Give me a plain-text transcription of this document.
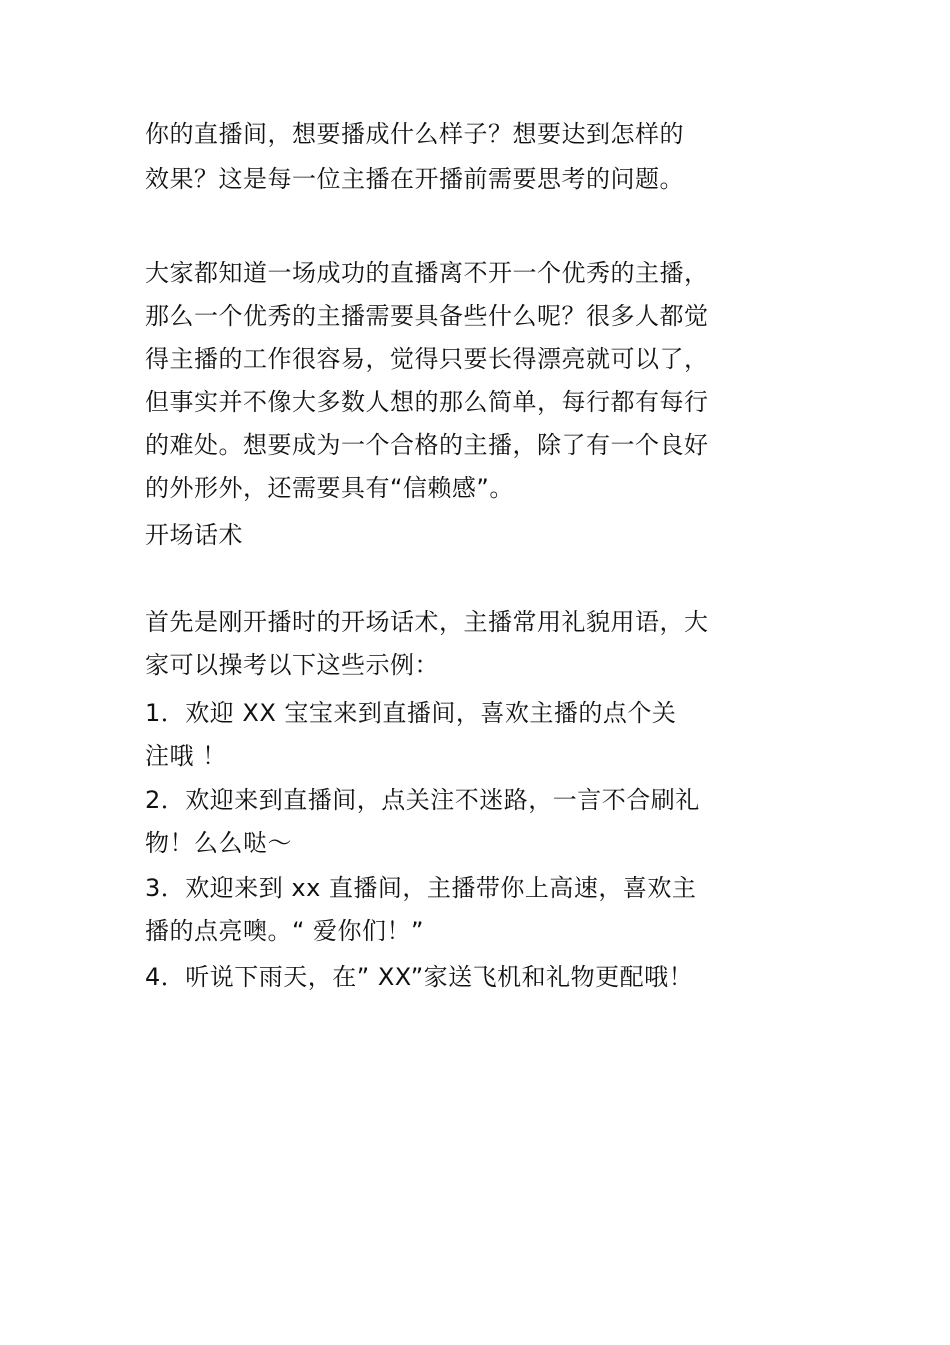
你的直播间，想要播成什么样子？想要达到怎样的
效果？这是每一位主播在开播前需要思考的问题。
大家都知道一场成功的直播离不开一个优秀的主播，
那么一个优秀的主播需要具备些什么呢？很多人都觉
得主播的工作很容易，觉得只要长得漂亮就可以了，
但事实并不像大多数人想的那么简单，每行都有每行
的难处。想要成为一个合格的主播，除了有一个良好
的外形外，还需要具有“信赖感”。
开场话术
首先是刚开播时的开场话术，主播常用礼貌用语，大
家可以操考以下这些示例：
1．欢迎 XX 宝宝来到直播间，喜欢主播的点个关
注哦 ！
2．欢迎来到直播间，点关注不迷路，一言不合刷礼
物！么么哒～
3．欢迎来到 xx 直播间，主播带你上高速，喜欢主
播的点亮噢。“ 爱你们！”
4．听说下雨天，在” XX”家送飞机和礼物更配哦！
